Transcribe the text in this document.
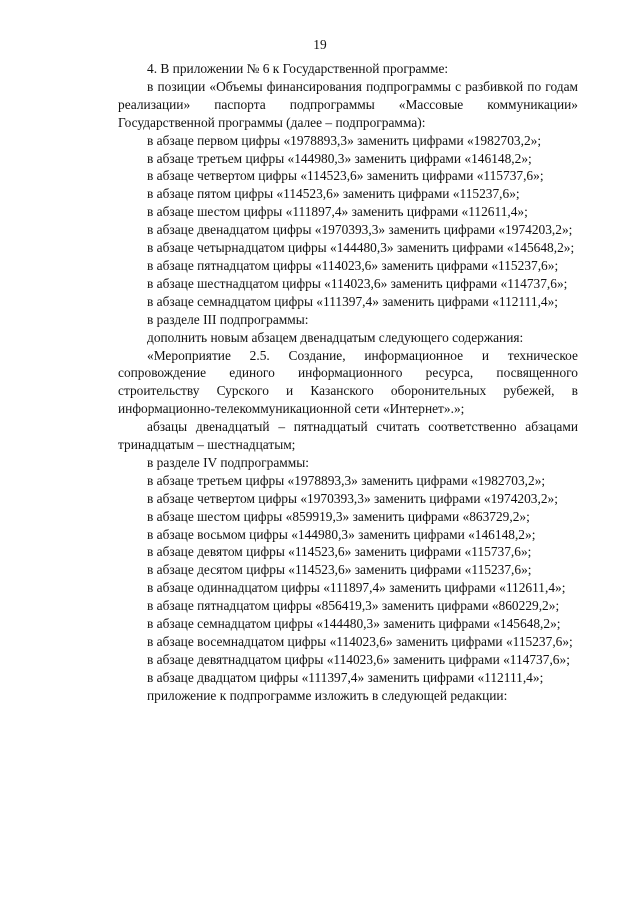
19

4. В приложении № 6 к Государственной программе:

в позиции «Объемы финансирования подпрограммы с разбивкой по годам реализации» паспорта подпрограммы «Массовые коммуникации» Государственной программы (далее – подпрограмма):

в абзаце первом цифры «1978893,3» заменить цифрами «1982703,2»;

в абзаце третьем цифры «144980,3» заменить цифрами «146148,2»;

в абзаце четвертом цифры «114523,6» заменить цифрами «115737,6»;

в абзаце пятом цифры «114523,6» заменить цифрами «115237,6»;

в абзаце шестом цифры «111897,4» заменить цифрами «112611,4»;

в абзаце двенадцатом цифры «1970393,3» заменить цифрами «1974203,2»;

в абзаце четырнадцатом цифры «144480,3» заменить цифрами «145648,2»;

в абзаце пятнадцатом цифры «114023,6» заменить цифрами «115237,6»;

в абзаце шестнадцатом цифры «114023,6» заменить цифрами «114737,6»;

в абзаце семнадцатом цифры «111397,4» заменить цифрами «112111,4»;

в разделе III подпрограммы:

дополнить новым абзацем двенадцатым следующего содержания:

«Мероприятие 2.5. Создание, информационное и техническое сопровождение единого информационного ресурса, посвященного строительству Сурского и Казанского оборонительных рубежей, в информационно-телекоммуникационной сети «Интернет».»;

абзацы двенадцатый – пятнадцатый считать соответственно абзацами тринадцатым – шестнадцатым;

в разделе IV подпрограммы:

в абзаце третьем цифры «1978893,3» заменить цифрами «1982703,2»;

в абзаце четвертом цифры «1970393,3» заменить цифрами «1974203,2»;

в абзаце шестом цифры «859919,3» заменить цифрами «863729,2»;

в абзаце восьмом цифры «144980,3» заменить цифрами «146148,2»;

в абзаце девятом цифры «114523,6» заменить цифрами «115737,6»;

в абзаце десятом цифры «114523,6» заменить цифрами «115237,6»;

в абзаце одиннадцатом цифры «111897,4» заменить цифрами «112611,4»;

в абзаце пятнадцатом цифры «856419,3» заменить цифрами «860229,2»;

в абзаце семнадцатом цифры «144480,3» заменить цифрами «145648,2»;

в абзаце восемнадцатом цифры «114023,6» заменить цифрами «115237,6»;

в абзаце девятнадцатом цифры «114023,6» заменить цифрами «114737,6»;

в абзаце двадцатом цифры «111397,4» заменить цифрами «112111,4»;

приложение к подпрограмме изложить в следующей редакции:
